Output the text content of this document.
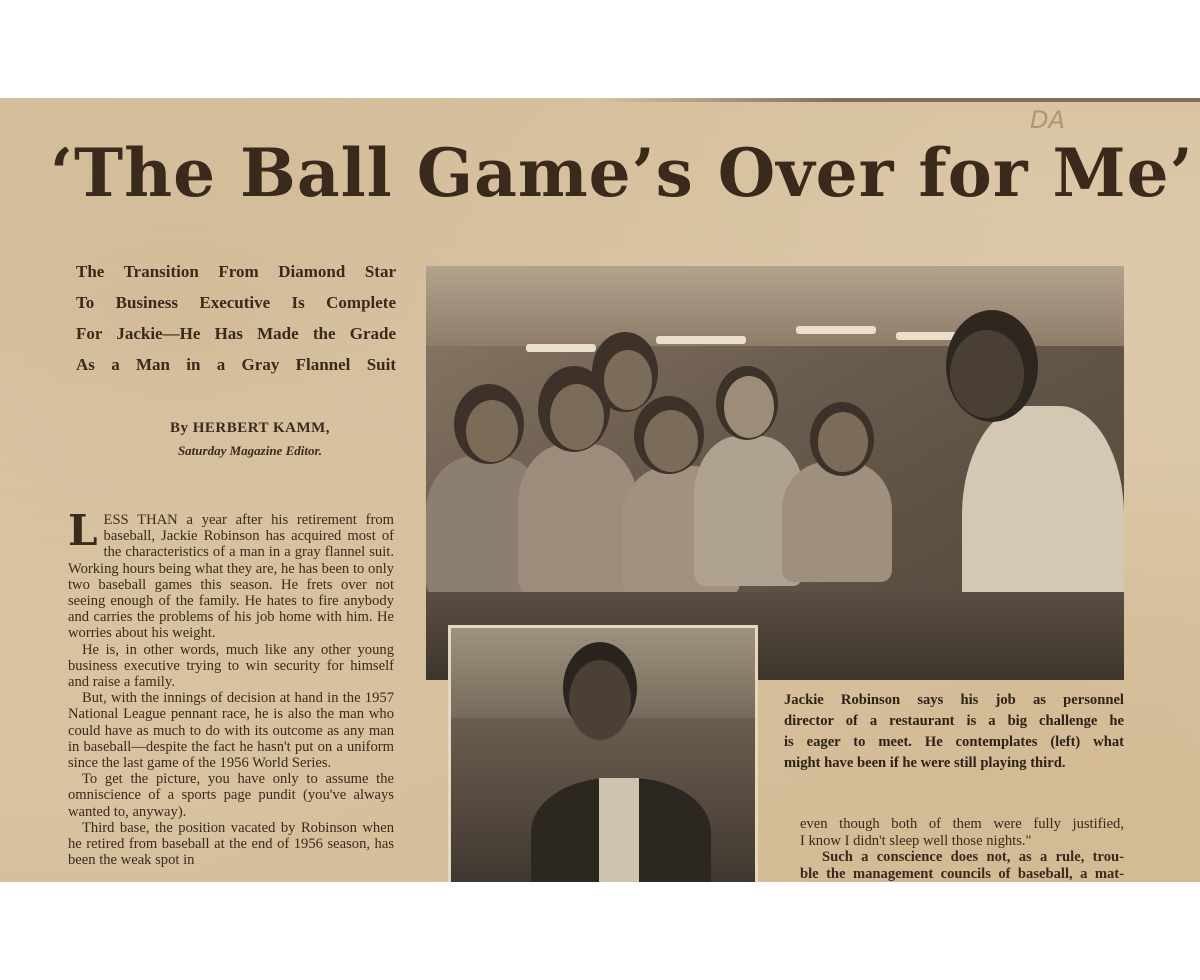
DA
‘The Ball Game’s Over for Me’
The Transition From Diamond Star
To Business Executive Is Complete
For Jackie—He Has Made the Grade
As a Man in a Gray Flannel Suit
By HERBERT KAMM,
Saturday Magazine Editor.

LESS THAN a year after his retirement from baseball, Jackie Robinson has acquired most of the characteristics of a man in a gray flannel suit. Working hours being what they are, he has been to only two baseball games this season. He frets over not seeing enough of the family. He hates to fire anybody and carries the problems of his job home with him. He worries about his weight.

He is, in other words, much like any other young business executive trying to win security for himself and raise a family.

But, with the innings of decision at hand in the 1957 National League pennant race, he is also the man who could have as much to do with its outcome as any man in baseball—despite the fact he hasn't put on a uniform since the last game of the 1956 World Series.

To get the picture, you have only to assume the omniscience of a sports page pundit (you've always wanted to, anyway).

Third base, the position vacated by Robinson when he retired from baseball at the end of 1956 season, has been the weak spot in

Jackie Robinson says his job as personnel
director of a restaurant is a big challenge he
is eager to meet. He contemplates (left) what
might have been if he were still playing third.
even though both of them were fully justified,
I know I didn't sleep well those nights."
Such a conscience does not, as a rule, trou-
ble the management councils of baseball, a mat-
